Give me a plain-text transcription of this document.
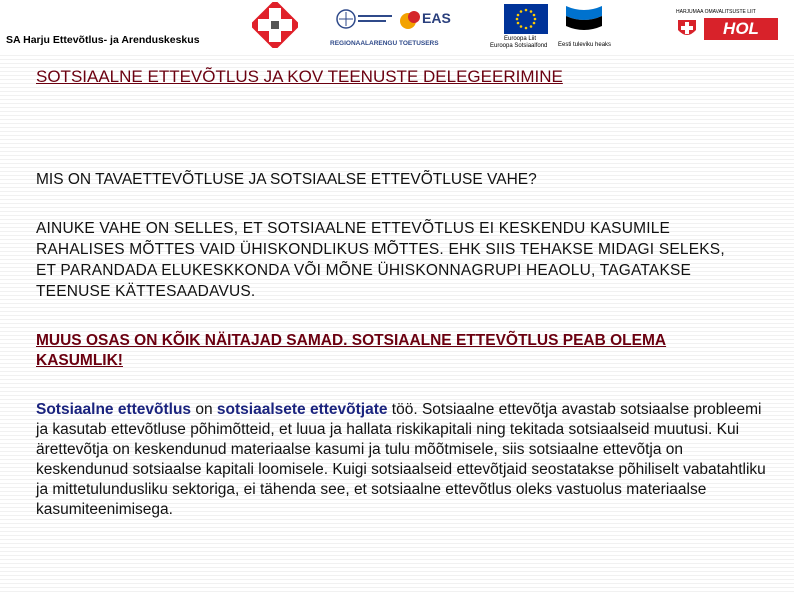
SA Harju Ettevõtlus- ja Arenduskeskus	REGIONAALARENGU TOETUSERS
EAS
Euroopa Liit
Euroopa Sotsiaalfond Eesti tuleviku heaks
HARJUMAA OMAVALITSUSTE LIIT
HOL
SOTSIAALNE ETTEVÕTLUS JA KOV TEENUSTE DELEGEERIMINE
MIS ON TAVAETTEVÕTLUSE JA SOTSIAALSE ETTEVÕTLUSE VAHE?
AINUKE VAHE ON SELLES, ET SOTSIAALNE ETTEVÕTLUS EI KESKENDU KASUMILE RAHALISES MÕTTES VAID ÜHISKONDLIKUS MÕTTES. EHK SIIS TEHAKSE MIDAGI SELEKS, ET PARANDADA ELUKESKKONDA VÕI MÕNE ÜHISKONNAGRUPI HEAOLU, TAGATAKSE TEENUSE KÄTTESAADAVUS.
MUUS OSAS ON KÕIK NÄITAJAD SAMAD. SOTSIAALNE ETTEVÕTLUS PEAB OLEMA KASUMLIK!
Sotsiaalne ettevõtlus on sotsiaalsete ettevõtjate töö. Sotsiaalne ettevõtja avastab sotsiaalse probleemi ja kasutab ettevõtluse põhimõtteid, et luua ja hallata riskikapitali ning tekitada sotsiaalseid muutusi. Kui ärettevõtja on keskendunud materiaalse kasumi ja tulu mõõtmisele, siis sotsiaalne ettevõtja on keskendunud sotsiaalse kapitali loomisele. Kuigi sotsiaalseid ettevõtjaid seostatakse põhiliselt vabatahtliku ja mittetulundusliku sektoriga, ei tähenda see, et sotsiaalne ettevõtlus oleks vastuolus materiaalse kasumiteenimisega.
